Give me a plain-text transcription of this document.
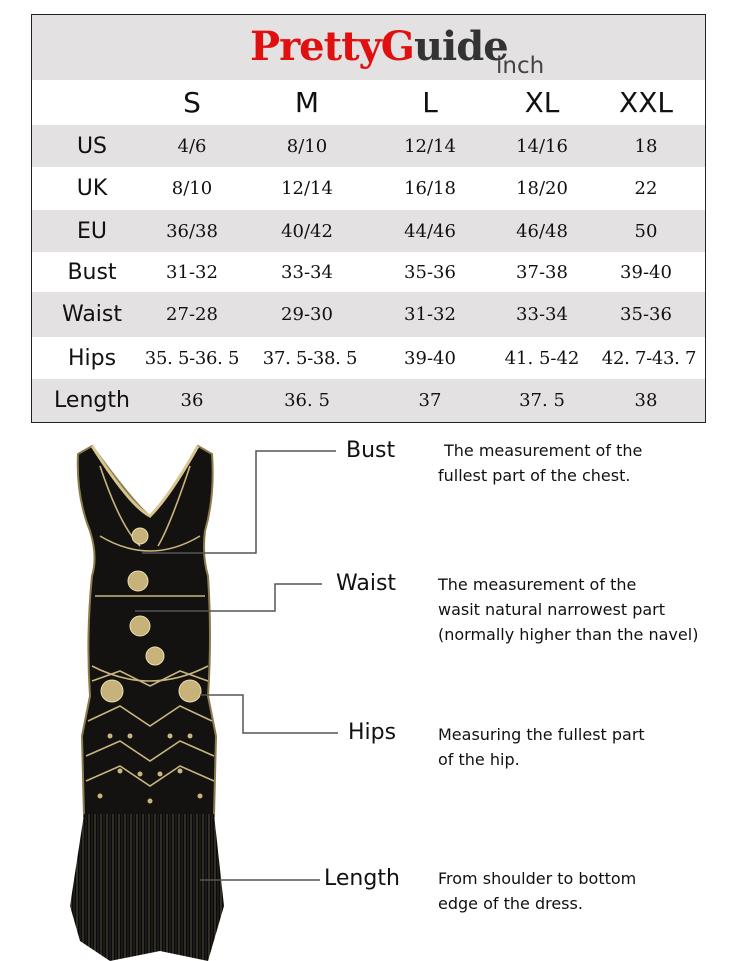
PrettyGuide
inch
S	M	L	XL	XXL
US	4/6	8/10	12/14	14/16	18
UK	8/10	12/14	16/18	18/20	22
EU	36/38	40/42	44/46	46/48	50
Bust	31-32	33-34	35-36	37-38	39-40
Waist	27-28	29-30	31-32	33-34	35-36
Hips	35. 5-36. 5	37. 5-38. 5	39-40	41. 5-42	42. 7-43. 7
Length	36	36. 5	37	37. 5	38
Bust	The measurement of the
fullest part of the chest.
Waist	The measurement of the
wasit natural narrowest part
(normally higher than the navel)
Hips	Measuring the fullest part
of the hip.
Length From shoulder to bottom
edge of the dress.
